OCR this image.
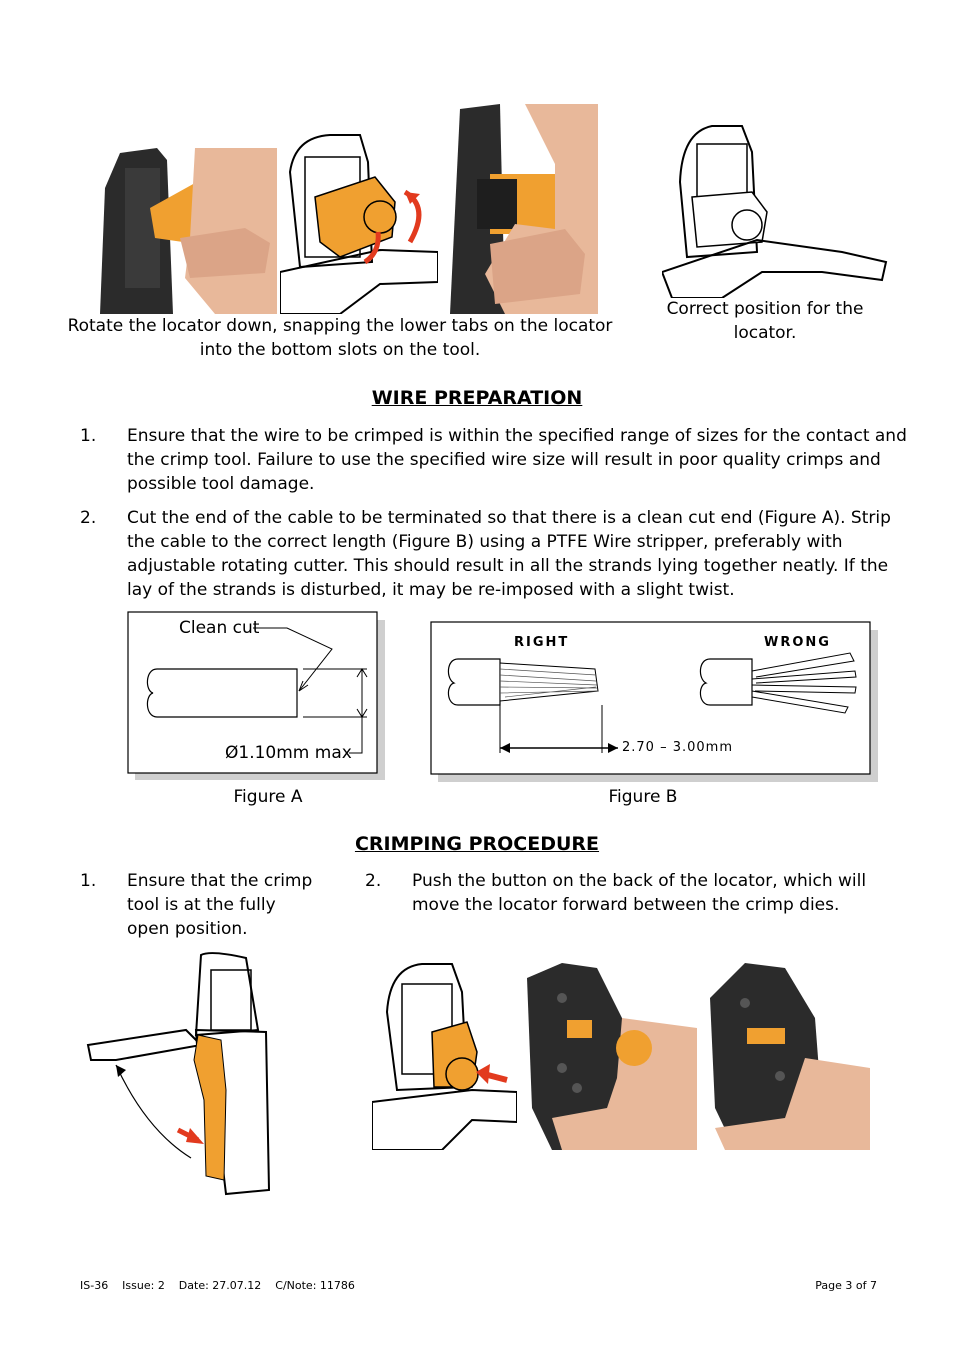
Rotate the locator down, snapping the lower tabs on the locator
into the bottom slots on the tool.
Correct position for the
locator.
WIRE PREPARATION
1. Ensure that the wire to be crimped is within the specified range of sizes for the contact and
the crimp tool. Failure to use the specified wire size will result in poor quality crimps and
possible tool damage.
2. Cut the end of the cable to be terminated so that there is a clean cut end (Figure A). Strip
the cable to the correct length (Figure B) using a PTFE Wire stripper, preferably with
adjustable rotating cutter. This should result in all the strands lying together neatly. If the
lay of the strands is disturbed, it may be re-imposed with a slight twist.
Clean cut
Ø1.10mm max
Figure A
RIGHT	WRONG
2.70 – 3.00mm
Figure B
CRIMPING PROCEDURE
1. Ensure that the crimp
tool is at the fully
open position.
2. Push the button on the back of the locator, which will
move the locator forward between the crimp dies.
IS-36    Issue: 2    Date: 27.07.12    C/Note: 11786	Page 3 of 7
